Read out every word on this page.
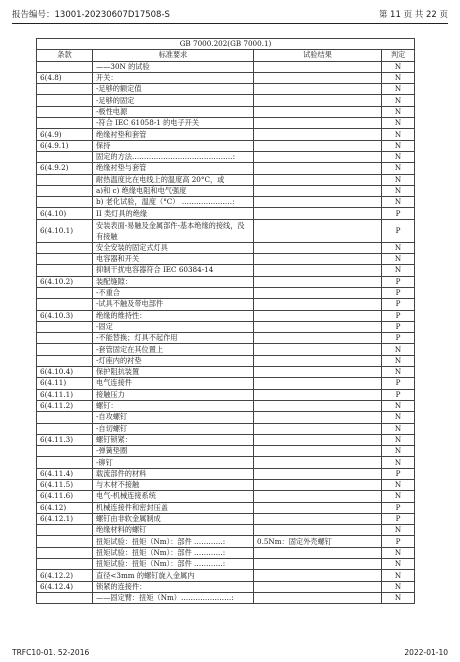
报告编号：13001-20230607D17508-S	第 11 页 共 22 页
GB 7000.202(GB 7000.1)			
条款	标准要求	试验结果	判定
	——30N 的试验		N
6(4.8)	开关：		N
	-足够的额定值		N
	-足够的固定		N
	-极性电源		N
	-符合 IEC 61058-1 的电子开关		N
6(4.9)	绝缘衬垫和套管		N
6(4.9.1)	保持		N
	固定的方法……………………………………:		N
6(4.9.2)	绝缘衬垫与套管		N
	耐热温度比在电线上的温度高 20°C，或		N
	a)和 c) 绝缘电阻和电气强度		N
	b) 老化试验，温度（°C） …………………:		N
6(4.10)	II 类灯具的绝缘		P
6(4.10.1)	安装表面-易触及金属部件-基本绝缘的接线，没有接触		P
	安全安装的固定式灯具		N
	电容器和开关		N
	抑制干扰电容器符合 IEC 60384-14		N
6(4.10.2)	装配缝隙：		P
	-不重合		P
	-试具不触及带电部件		P
6(4.10.3)	绝缘的维持性：		P
	-固定		P
	-不能替换；灯具不起作用		P
	-套管固定在其位置上		N
	-灯座内的衬垫		N
6(4.10.4)	保护阻抗装置		N
6(4.11)	电气连接件		P
6(4.11.1)	接触压力		P
6(4.11.2)	螺钉：		N
	-自攻螺钉		N
	-自切螺钉		N
6(4.11.3)	螺钉锁紧：		N
	-弹簧垫圈		N
	-铆钉		N
6(4.11.4)	载流部件的材料		P
6(4.11.5)	与木材不接触		N
6(4.11.6)	电气-机械连接系统		N
6(4.12)	机械连接件和密封压盖		P
6(4.12.1)	螺钉由非软金属制成		P
	绝缘材料的螺钉		N
	扭矩试验：扭矩（Nm）：部件 …………:	0.5Nm：固定外壳螺钉	P
	扭矩试验：扭矩（Nm）：部件 …………:		N
	扭矩试验：扭矩（Nm）：部件 …………:		N
6(4.12.2)	直径<3mm 的螺钉旋入金属内		N
6(4.12.4)	锁紧的连接件：		N
	——固定臂：扭矩（Nm）…………………:		N
TRFC10-01. 52-2016	2022-01-10
